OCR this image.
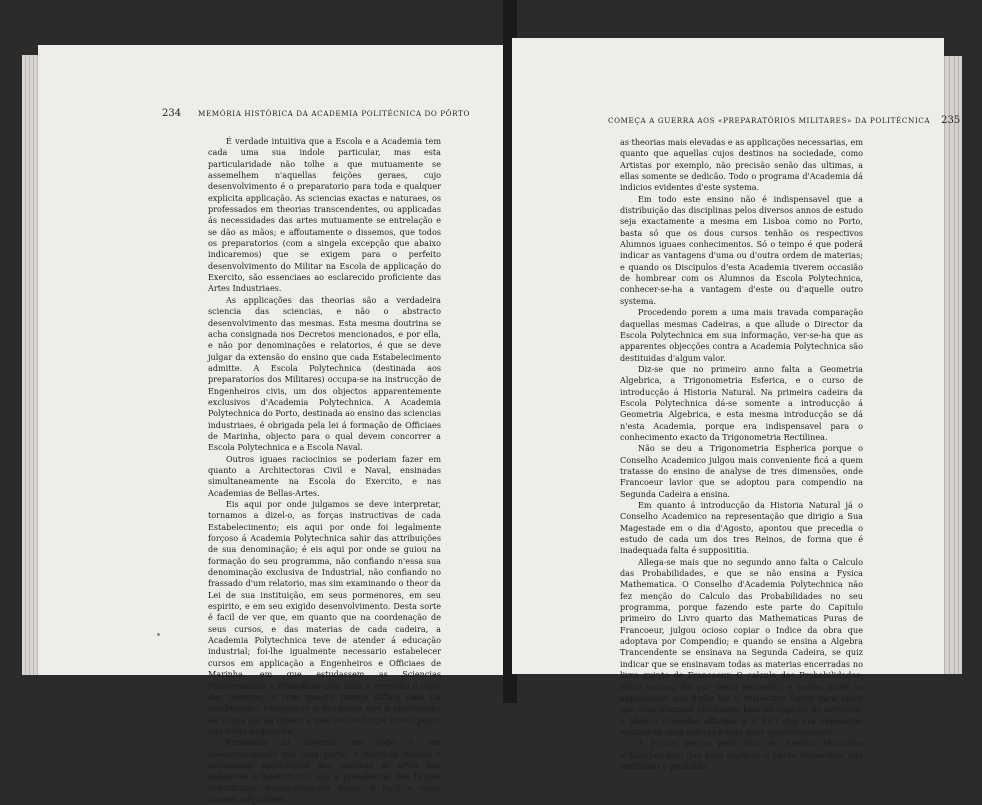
234 MEMÓRIA HISTÓRICA DA ACADEMIA POLITÉCNICA DO PÔRTO

É verdade intuitiva que a Escola e a Academia tem cada uma sua indole particular, mas esta particularidade não tolhe a que mutuamente se assemelhem n'aquellas feições geraes, cujo desenvolvimento é o preparatorio para toda e qualquer explicita applicação. As sciencias exactas e naturaes, os professados em theorias transcendentes, ou applicadas ás necessidades das artes mutuamente se entrelação e se dão as mãos; e affoutamente o dissemos, que todos os preparatorios (com a singela excepção que abaixo indicaremos) que se exigem para o perfeito desenvolvimento do Militar na Escola de applicação do Exercito, são essenciaes ao esclarecido proficiente das Artes Industriaes.

As applicações das theorias são a verdadeira sciencia das sciencias, e não o abstracto desenvolvimento das mesmas. Esta mesma doutrina se acha consignada nos Decretos mencionados, e por ella, e não por denominações e relatorios, é que se deve julgar da extensão do ensino que cada Estabelecimento admitte. A Escola Polytechnica (destinada aos preparatorios dos Militares) occupa-se na instrucção de Engenheiros civis, um dos objectos apparentemente exclusivos d'Academia Polytechnica. A Academia Polytechnica do Porto, destinada ao ensino das sciencias industriaes, é obrigada pela lei á formação de Officiaes de Marinha, objecto para o qual devem concorrer a Escola Polytechnica e a Escola Naval.

Outros iguaes raciocinios se poderiam fazer em quanto a Architectoras Civil e Naval, ensinadas simultaneamente na Escola do Exercito, e nas Academias de Bellas-Artes.

Eis aqui por onde julgamos se deve interpretar, tornamos a dizel-o, as forças instructivas de cada Estabelecimento; eis aqui por onde foi legalmente forçoso á Academia Polytechnica sahir das attribuições de sua denominação; é eis aqui por onde se guiou na formação do seu programma, não confiando n'essa sua denominação exclusiva de Industrial, não confiando no frassado d'um relatorio, mas sim examinando o theor da Lei de sua instituição, em seus pormenores, em seu espirito, e em seu exigido desenvolvimento. Desta sorte é facil de ver que, em quanto que na coordenação de seus cursos, e das materias de cada cadeira, a Academia Polytechnica teve de atender á educação industrial; foi-lhe igualmente necessario estabelecer cursos em applicação a Engenheiros e Officiaes de Marinha, em que estudassem as Sciencias Mathematicas e Filosoficas com toda a extensão e rigor das theorias; e com quanto pareça difficil uma tal combinação, lisongea-se a Academia que a approvação da Corôa lhe dá direito a que seus esforços n'este ponto não forão nugatorios.

Ensinadas as theorias em todo o seu desenvolvimento por uma parte, e havendo diarias e minuciosas applicações das mesmas ás artes nos gabinetes e laboratorios sob a presidencia dos Lentes Substitutos, demonstradores natos, é facil a umas classes adquirirem

COMEÇA A GUERRA AOS «PREPARATÓRIOS MILITARES» DA POLITÉCNICA 235

as theorias mais elevadas e as applicações necessarias, em quanto que aquellas cujos destinos na sociedade, como Artistas por exemplo, não precisão senão das ultimas, a ellas somente se dedicão. Todo o programa d'Academia dá indicios evidentes d'este systema.

Em todo este ensino não é indispensavel que a distribuição das disciplinas pelos diversos annos de estudo seja exactamente a mesma em Lisboa como no Porto, basta só que os dous cursos tenhão os respectivos Alumnos iguaes conhecimentos. Só o tempo é que poderá indicar as vantagens d'uma ou d'outra ordem de materias; e quando os Discipulos d'esta Academia tiverem occasião de hombrear com os Alumnos da Escola Polytechnica, conhecer-se-ha a vantagem d'este ou d'aquelle outro systema.

Procedendo porem a uma mais travada comparação daquellas mesmas Cadeiras, a que allude o Director da Escola Polytechnica em sua informação, ver-se-ha que as apparentes objecções contra a Academia Polytechnica são destituidas d'algum valor.

Diz-se que no primeiro anno falta a Geometria Algebrica, a Trigonometria Esferica, e o curso de introducção á Historia Natural. Na primeira cadeira da Escola Polytechnica dá-se somente a introducção á Geometria Algebrica, e esta mesma introducção se dá n'esta Academia, porque era indispensavel para o conhecimento exacto da Trigonometria Rectilinea.

Não se deu a Trigonometria Espherica porque o Conselho Academico julgou mais conveniente ficá a quem tratasse do ensino de analyse de tres dimensões, onde Francoeur lavior que se adoptou para compendio na Segunda Cadeira a ensina.

Em quanto á introducção da Historia Natural já o Conselho Academico na representação que dirigio a Sua Magestade em o dia d'Agosto, apontou que precedia o estudo de cada um dos tres Reinos, de forma que é inadequada falta é supposititia.

Allega-se mais que no segundo anno falta o Calculo das Probabilidades, e que se não ensina a Fysica Mathematica. O Conselho d'Academia Polytechnica não fez menção do Calculo das Probabilidades no seu programma, porque fazendo este parte do Capitulo primeiro do Livro quarto das Mathematicas Puras de Francoeur, julgou ocioso copiar o Indice da obra que adoptava por Compendio; e quando se ensina a Algebra Trancendente se ensinava na Segunda Cadeira, se quiz indicar que se ensinavam todas as materias encerradas no livro quinto de Francoeur. O calculo das Probabilidades, entre outros, foi por tanto ensinado, e varias forão as applicações que d'elle fez o respectivo Lente para obter que seus alumnos entrassem bem no espirito do methodo, e pôde o Conselho affirmar a V. Ex.ª que era impossivel ensinar-se mais calculo e com mais aproveitamento.

A Fysica deu-se pela obra do Senhor Mousinho d'Albuquerque; que toda explicou o Lente respectivo, não omittindo o profundo
